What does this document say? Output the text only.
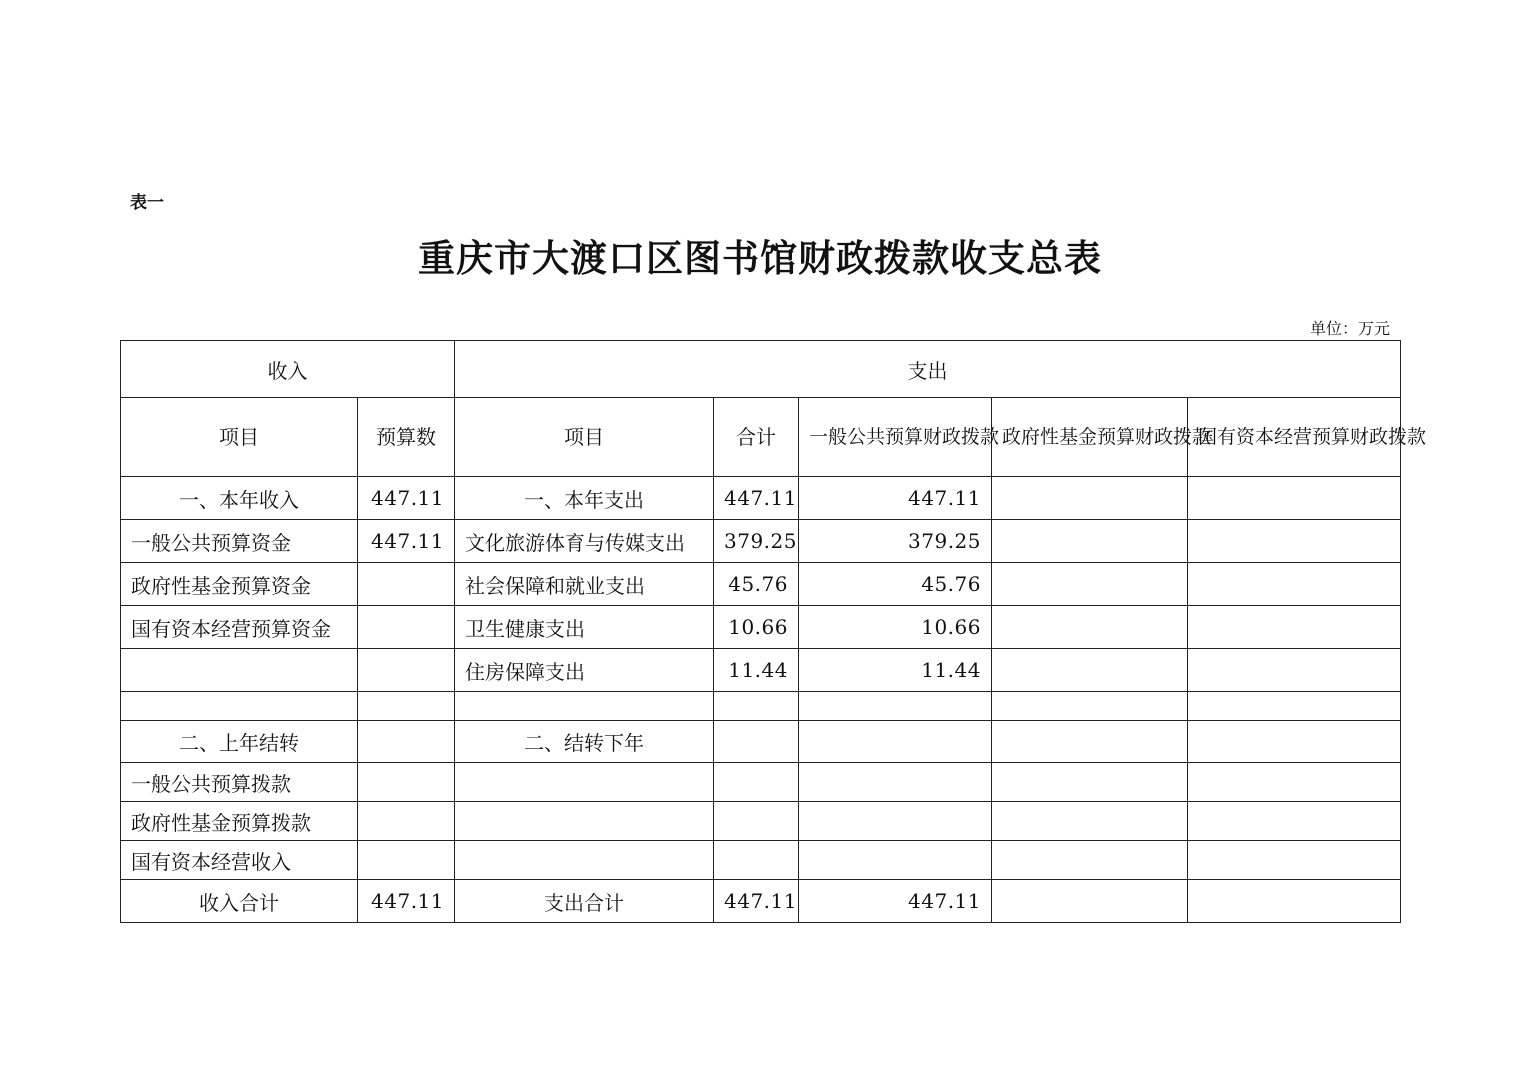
表一
重庆市大渡口区图书馆财政拨款收支总表
单位：万元
收入		支出				
项目	预算数	项目	合计	一般公共预算财政拨款	政府性基金预算财政拨款	国有资本经营预算财政拨款
一、本年收入	447.11	一、本年支出	447.11	447.11		
一般公共预算资金	447.11	文化旅游体育与传媒支出	379.25	379.25		
政府性基金预算资金		社会保障和就业支出	45.76	45.76		
国有资本经营预算资金		卫生健康支出	10.66	10.66		
		住房保障支出	11.44	11.44		

二、上年结转		二、结转下年				
一般公共预算拨款						
政府性基金预算拨款						
国有资本经营收入						
收入合计	447.11	支出合计	447.11	447.11		
